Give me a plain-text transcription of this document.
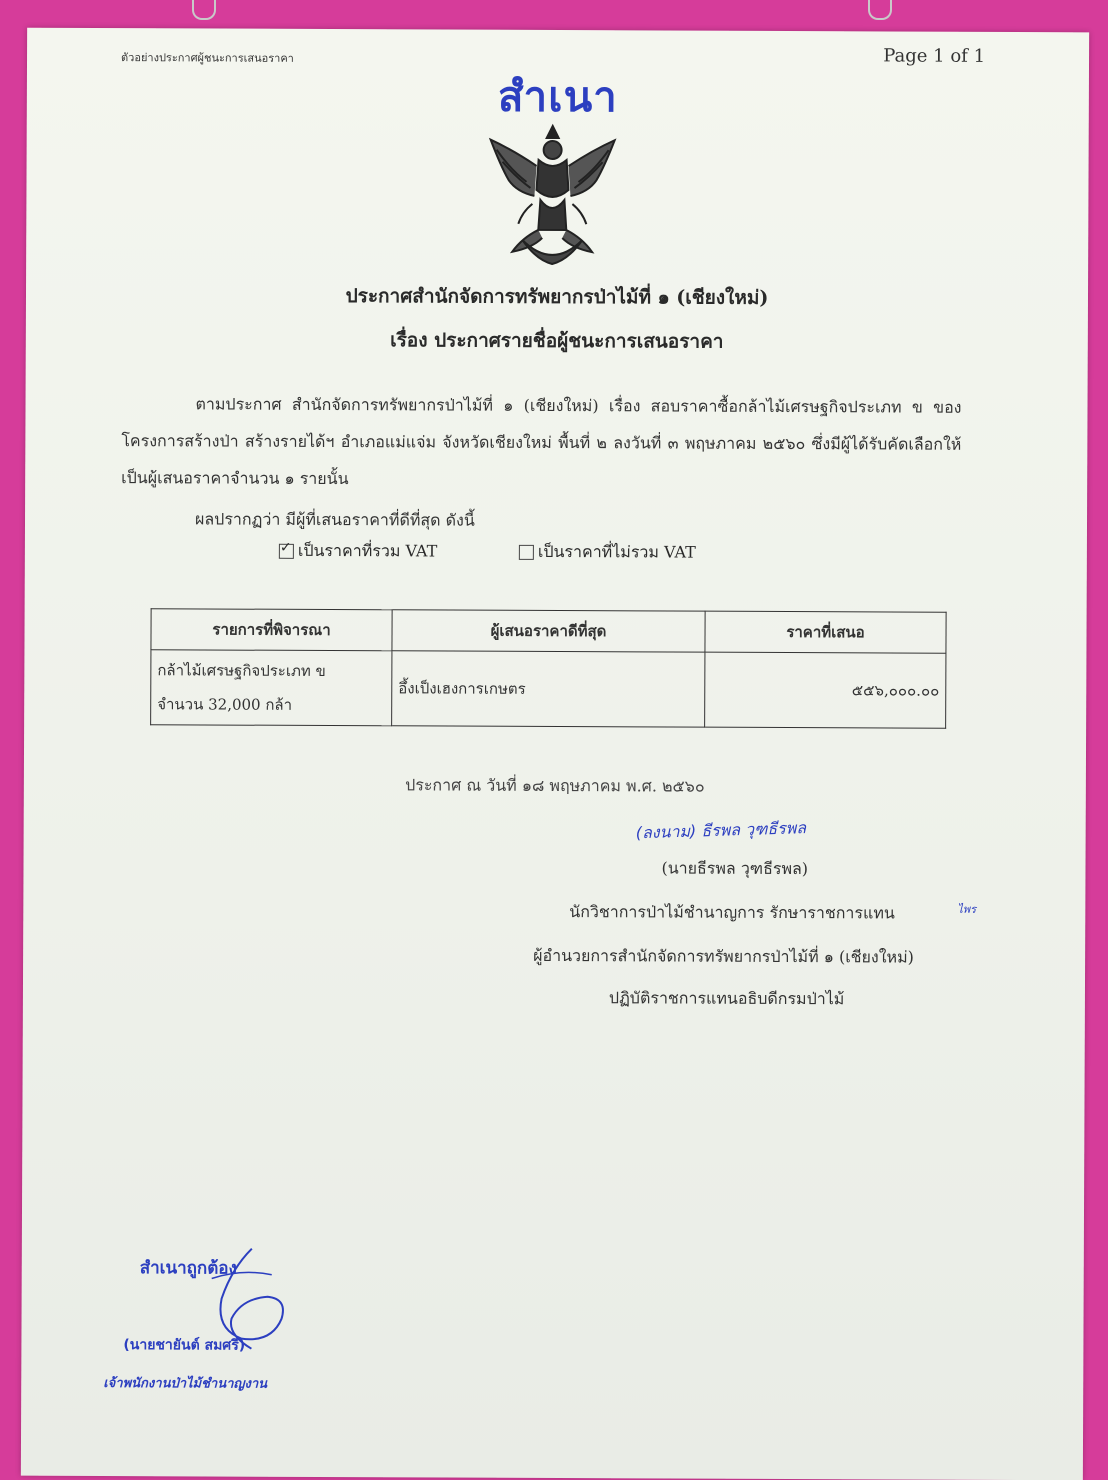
ตัวอย่างประกาศผู้ชนะการเสนอราคา	Page 1 of 1
สำเนา
ประกาศสำนักจัดการทรัพยากรป่าไม้ที่ ๑ (เชียงใหม่)
เรื่อง ประกาศรายชื่อผู้ชนะการเสนอราคา
ตามประกาศ สำนักจัดการทรัพยากรป่าไม้ที่ ๑ (เชียงใหม่) เรื่อง สอบราคาซื้อกล้าไม้เศรษฐกิจประเภท ข ของโครงการสร้างป่า สร้างรายได้ฯ อำเภอแม่แจ่ม จังหวัดเชียงใหม่ พื้นที่ ๒ ลงวันที่ ๓ พฤษภาคม ๒๕๖๐ ซึ่งมีผู้ได้รับคัดเลือกให้เป็นผู้เสนอราคาจำนวน ๑ รายนั้น
ผลปรากฏว่า มีผู้ที่เสนอราคาที่ดีที่สุด ดังนี้
✓
เป็นราคาที่รวม VAT	เป็นราคาที่ไม่รวม VAT
รายการที่พิจารณา	ผู้เสนอราคาดีที่สุด	ราคาที่เสนอ

กล้าไม้เศรษฐกิจประเภท ข
จำนวน 32,000 กล้า	อึ้งเป็งเฮงการเกษตร	๕๕๖,๐๐๐.๐๐
ประกาศ ณ วันที่ ๑๘ พฤษภาคม พ.ศ. ๒๕๖๐
(ลงนาม) ธีรพล วุฑธีรพล
(นายธีรพล วุฑธีรพล)
นักวิชาการป่าไม้ชำนาญการ รักษาราชการแทน
ผู้อำนวยการสำนักจัดการทรัพยากรป่าไม้ที่ ๑ (เชียงใหม่)
ปฏิบัติราชการแทนอธิบดีกรมป่าไม้
ไพร
สำเนาถูกต้อง
(นายชายันต์ สมศรี)
เจ้าพนักงานป่าไม้ชำนาญงาน
